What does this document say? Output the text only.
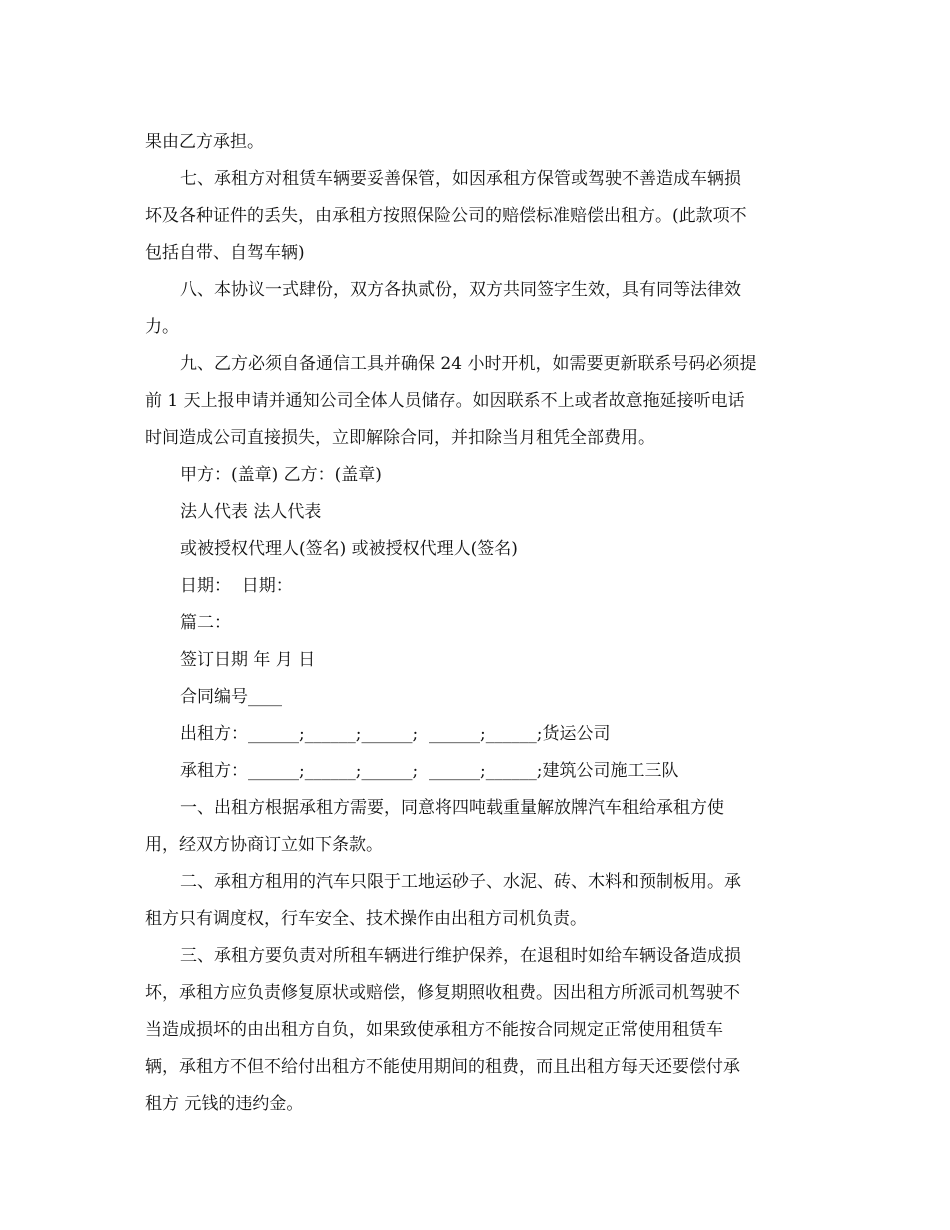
果由乙方承担。
七、承租方对租赁车辆要妥善保管，如因承租方保管或驾驶不善造成车辆损
坏及各种证件的丢失，由承租方按照保险公司的赔偿标准赔偿出租方。(此款项不
包括自带、自驾车辆)
八、本协议一式肆份，双方各执贰份，双方共同签字生效，具有同等法律效
力。
九、乙方必须自备通信工具并确保 24 小时开机，如需要更新联系号码必须提
前 1 天上报申请并通知公司全体人员储存。如因联系不上或者故意拖延接听电话
时间造成公司直接损失，立即解除合同，并扣除当月租凭全部费用。
甲方：(盖章) 乙方：(盖章)
法人代表 法人代表
或被授权代理人(签名) 或被授权代理人(签名)
日期：  日期：
篇二：
签订日期 年 月 日
合同编号____
出租方：______;______;______;  ______;______;货运公司
承租方：______;______;______;  ______;______;建筑公司施工三队
一、出租方根据承租方需要，同意将四吨载重量解放牌汽车租给承租方使
用，经双方协商订立如下条款。
二、承租方租用的汽车只限于工地运砂子、水泥、砖、木料和预制板用。承
租方只有调度权，行车安全、技术操作由出租方司机负责。
三、承租方要负责对所租车辆进行维护保养，在退租时如给车辆设备造成损
坏，承租方应负责修复原状或赔偿，修复期照收租费。因出租方所派司机驾驶不
当造成损坏的由出租方自负，如果致使承租方不能按合同规定正常使用租赁车
辆，承租方不但不给付出租方不能使用期间的租费，而且出租方每天还要偿付承
租方 元钱的违约金。
